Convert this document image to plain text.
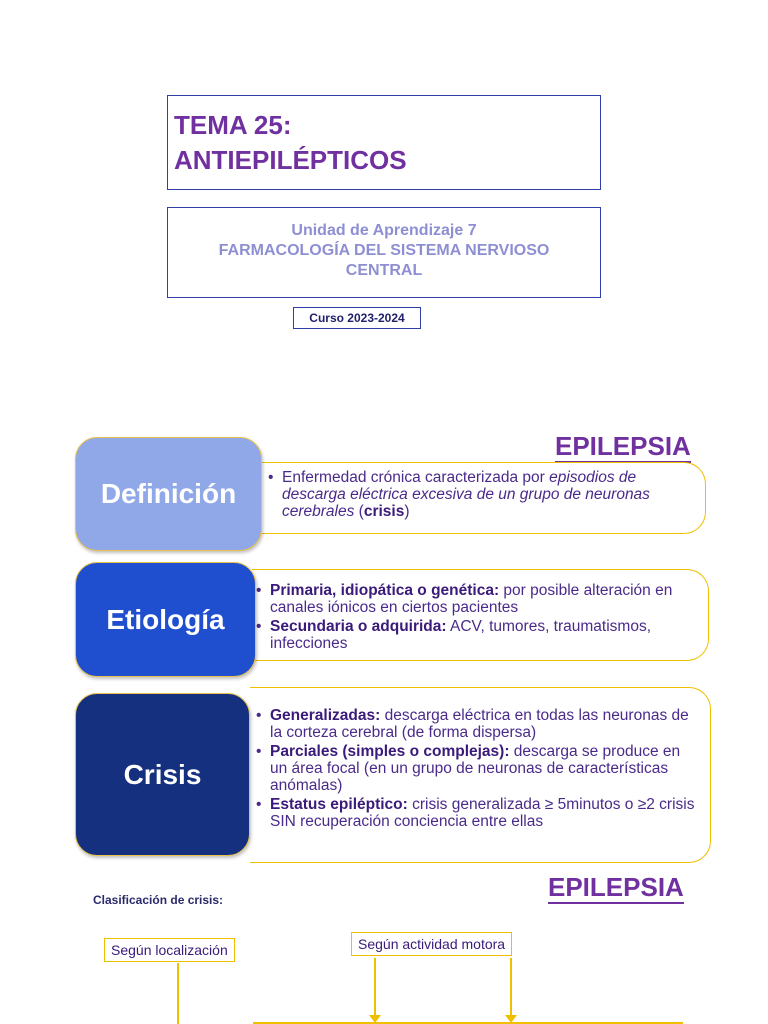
TEMA 25:
ANTIEPILÉPTICOS
Unidad de Aprendizaje 7
FARMACOLOGÍA DEL SISTEMA NERVIOSO
CENTRAL
Curso 2023-2024
EPILEPSIA
• Enfermedad crónica caracterizada por episodios de descarga eléctrica excesiva de un grupo de neuronas cerebrales (crisis)
Definición
• Primaria, idiopática o genética: por posible alteración en canales iónicos en ciertos pacientes
• Secundaria o adquirida: ACV, tumores, traumatismos, infecciones
Etiología
• Generalizadas: descarga eléctrica en todas las neuronas de la corteza cerebral (de forma dispersa)
• Parciales (simples o complejas): descarga se produce en un área focal (en un grupo de neuronas de características anómalas)
• Estatus epiléptico: crisis generalizada ≥ 5minutos o ≥2 crisis SIN recuperación conciencia entre ellas
Crisis
EPILEPSIA
Clasificación de crisis:
Según localización	Según actividad motora
